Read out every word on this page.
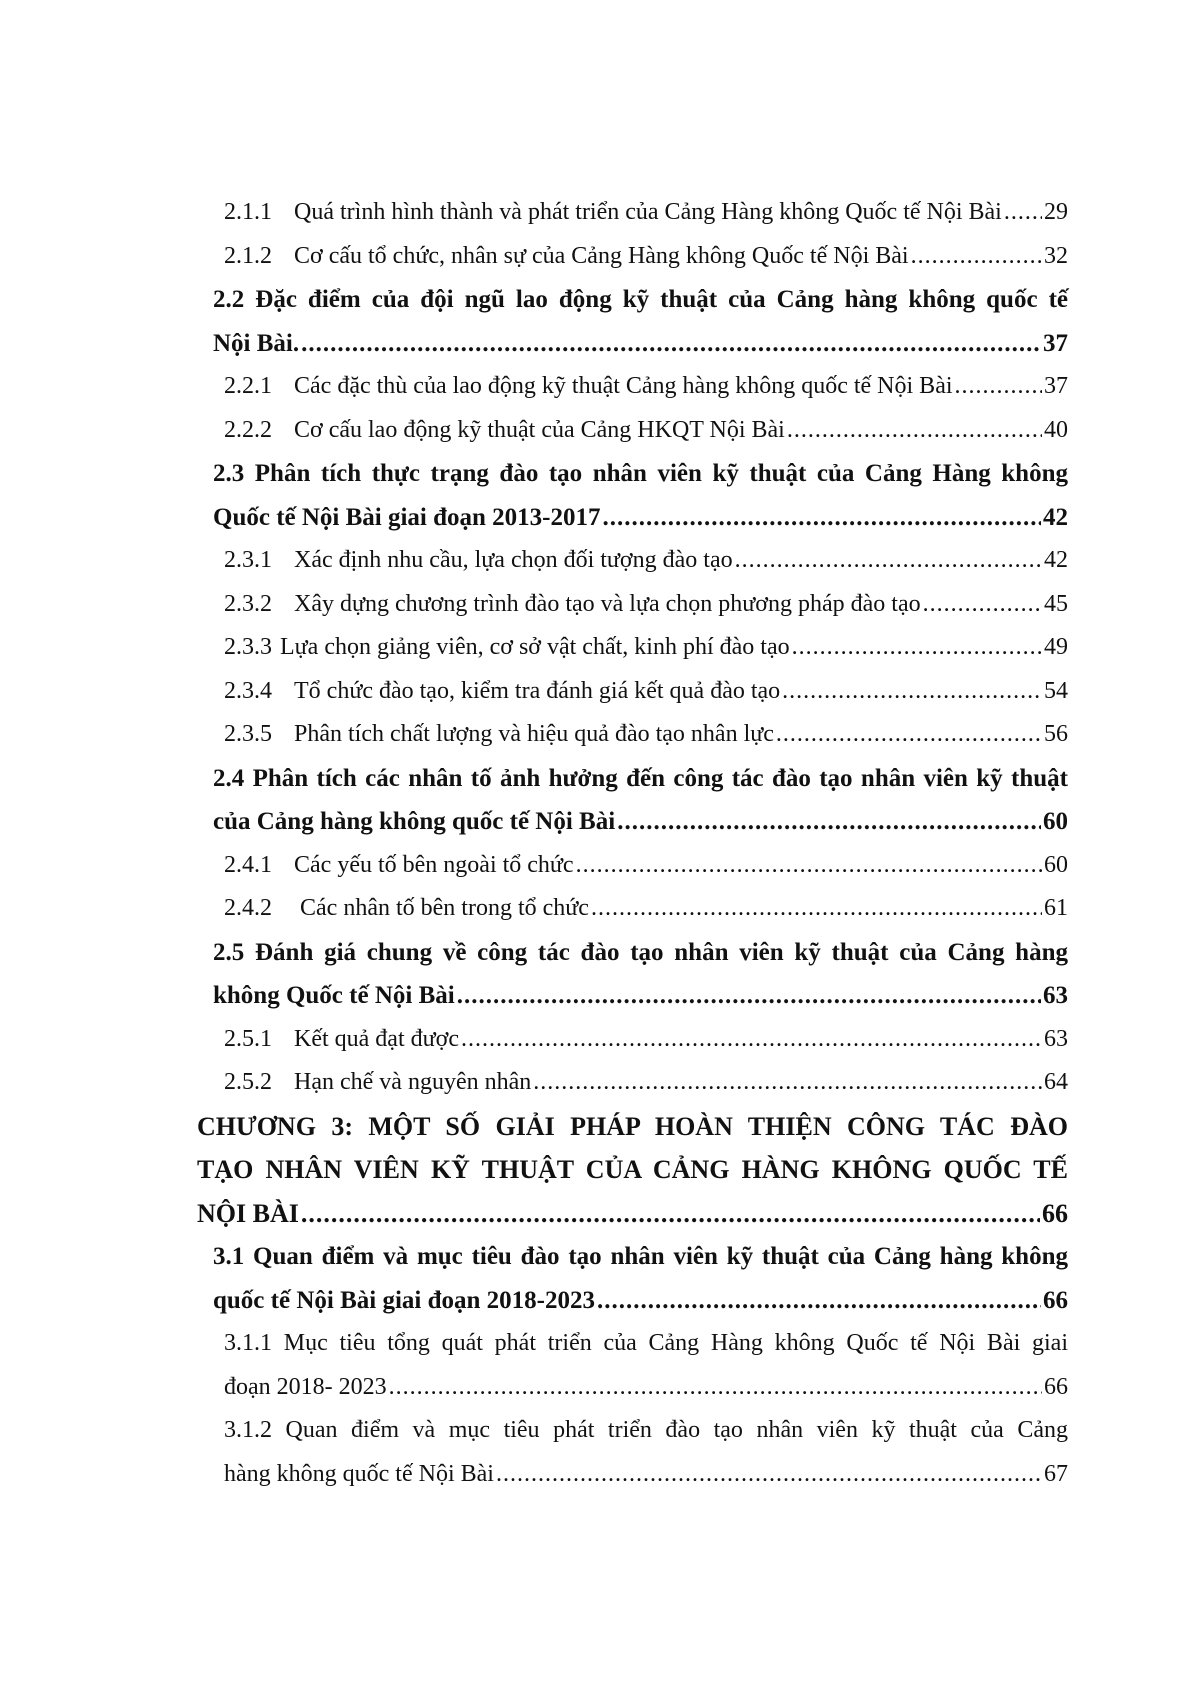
2.1.1 Quá trình hình thành và phát triển của Cảng Hàng không Quốc tế Nội Bài ..... 29
2.1.2 Cơ cấu tổ chức, nhân sự của Cảng Hàng không Quốc tế Nội Bài .....	32
2.2 Đặc điểm của đội ngũ lao động kỹ thuật của Cảng hàng không quốc tế
Nội Bài. .....	37
2.2.1 Các đặc thù của lao động kỹ thuật Cảng hàng không quốc tế Nội Bài .....	37
2.2.2 Cơ cấu lao động kỹ thuật của Cảng HKQT Nội Bài .....	40
2.3 Phân tích thực trạng đào tạo nhân viên kỹ thuật của Cảng Hàng không
Quốc tế Nội Bài giai đoạn 2013-2017 .....	42
2.3.1 Xác định nhu cầu, lựa chọn đối tượng đào tạo .....	42
2.3.2 Xây dựng chương trình đào tạo và lựa chọn phương pháp đào tạo .....	45
2.3.3 Lựa chọn giảng viên, cơ sở vật chất, kinh phí đào tạo .....	49
2.3.4 Tổ chức đào tạo, kiểm tra đánh giá kết quả đào tạo .....	54
2.3.5 Phân tích chất lượng và hiệu quả đào tạo nhân lực .....	56
2.4 Phân tích các nhân tố ảnh hưởng đến công tác đào tạo nhân viên kỹ thuật
của Cảng hàng không quốc tế Nội Bài .....	60
2.4.1 Các yếu tố bên ngoài tổ chức .....	60
2.4.2	Các nhân tố bên trong tổ chức .....	61
2.5 Đánh giá chung về công tác đào tạo nhân viên kỹ thuật của Cảng hàng
không Quốc tế Nội Bài .....	63
2.5.1 Kết quả đạt được .....	63
2.5.2 Hạn chế và nguyên nhân .....	64
CHƯƠNG 3: MỘT SỐ GIẢI PHÁP HOÀN THIỆN CÔNG TÁC ĐÀO
TẠO NHÂN VIÊN KỸ THUẬT CỦA CẢNG HÀNG KHÔNG QUỐC TẾ
NỘI BÀI .....	66
3.1 Quan điểm và mục tiêu đào tạo nhân viên kỹ thuật của Cảng hàng không
quốc tế Nội Bài giai đoạn 2018-2023 .....	66
3.1.1 Mục tiêu tổng quát phát triển của Cảng Hàng không Quốc tế Nội Bài giai
đoạn 2018- 2023 .....	66
3.1.2 Quan điểm và mục tiêu phát triển đào tạo nhân viên kỹ thuật của Cảng
hàng không quốc tế Nội Bài .....	67
